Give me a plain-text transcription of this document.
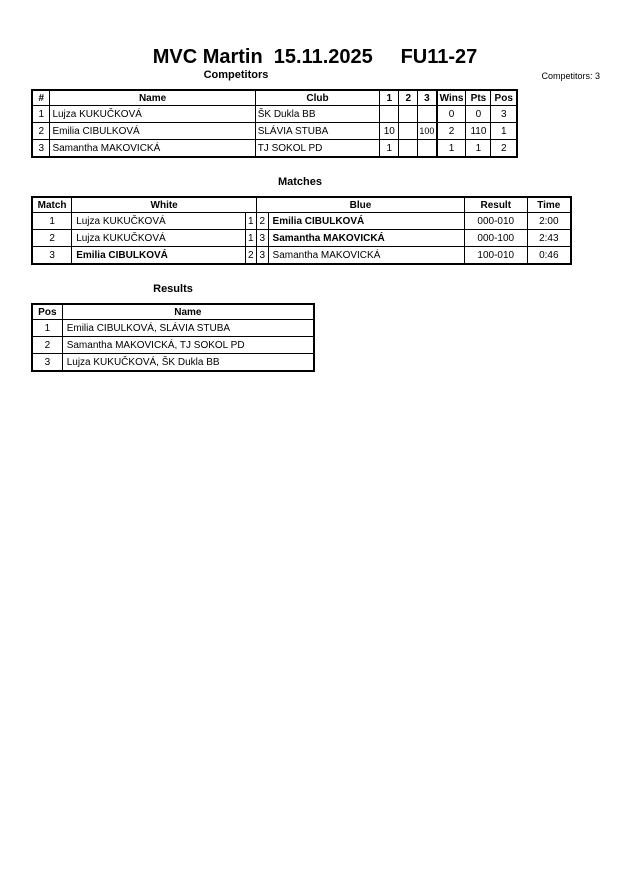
MVC Martin  15.11.2025     FU11-27
Competitors	Competitors: 3
#	Name	Club	1	2	3	Wins	Pts	Pos
1	Lujza KUKUČKOVÁ	ŠK Dukla BB				0	0	3
2	Emilia CIBULKOVÁ	SLÁVIA STUBA	10		100	2	110	1
3	Samantha MAKOVICKÁ	TJ SOKOL PD	1			1	1	2
Matches
Match	White		Blue		Result	Time
1	Lujza KUKUČKOVÁ	1	2	Emilia CIBULKOVÁ	000-010	2:00
2	Lujza KUKUČKOVÁ	1	3	Samantha MAKOVICKÁ	000-100	2:43
3	Emilia CIBULKOVÁ	2	3	Samantha MAKOVICKÁ	100-010	0:46
Results
Pos	Name
1	Emilia CIBULKOVÁ, SLÁVIA STUBA
2	Samantha MAKOVICKÁ, TJ SOKOL PD
3	Lujza KUKUČKOVÁ, ŠK Dukla BB
